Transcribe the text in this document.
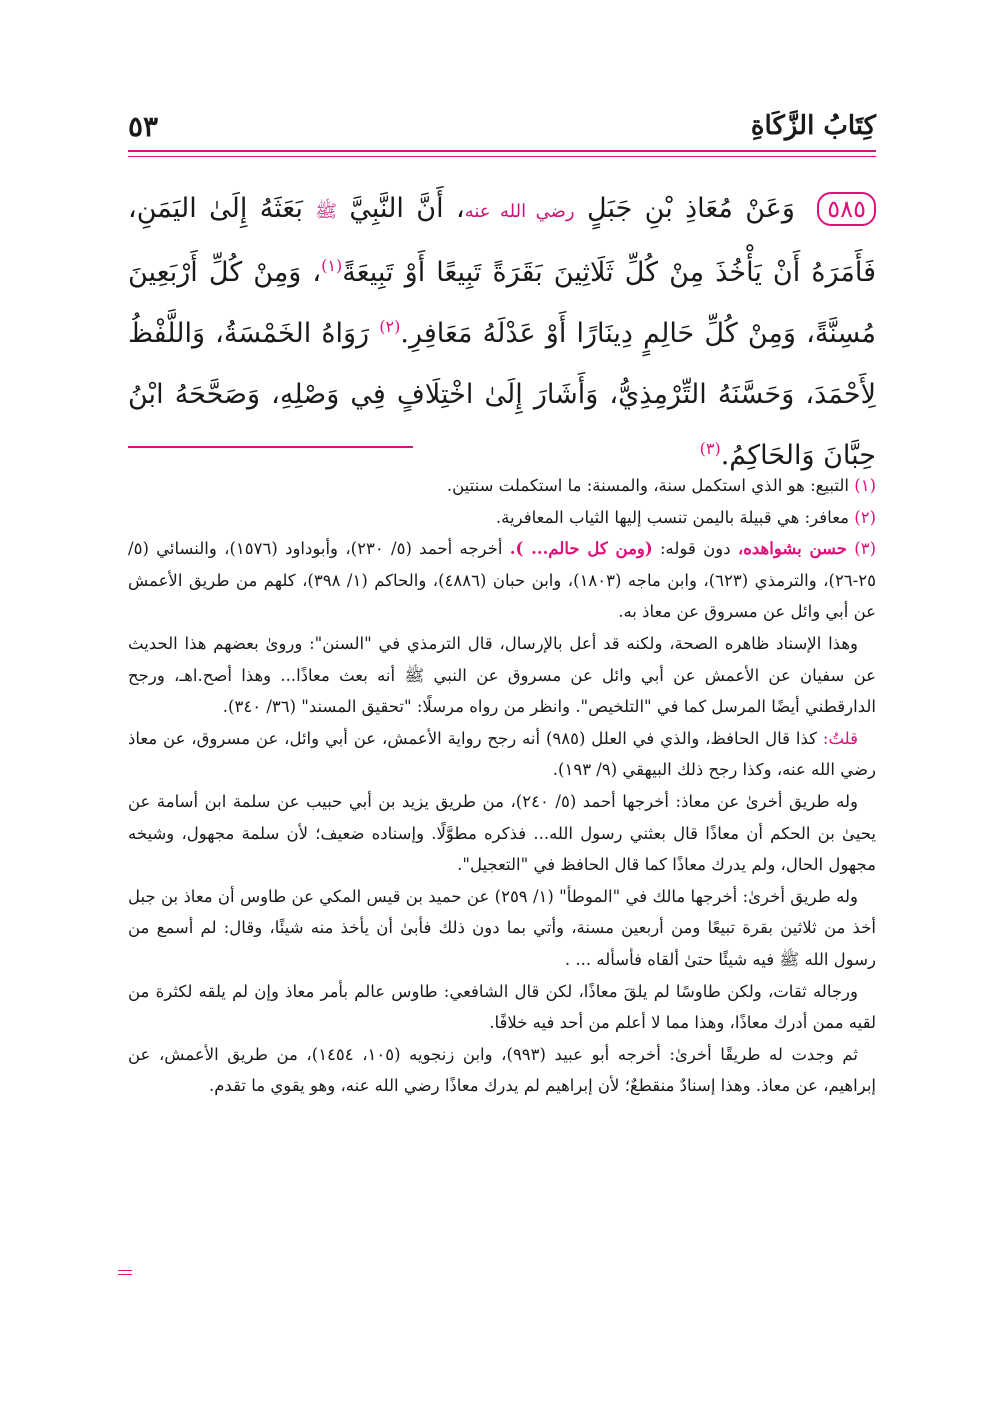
٥٣	كِتَابُ الزَّكَاةِ
٥٨٥ وَعَنْ مُعَاذِ بْنِ جَبَلٍ رضي الله عنه، أَنَّ النَّبِيَّ ﷺ بَعَثَهُ إِلَىٰ اليَمَنِ، فَأَمَرَهُ أَنْ يَأْخُذَ مِنْ كُلِّ ثَلَاثِينَ بَقَرَةً تَبِيعًا أَوْ تَبِيعَةً$^{(١)}$، وَمِنْ كُلِّ أَرْبَعِينَ مُسِنَّةً، وَمِنْ كُلِّ حَالِمٍ دِينَارًا أَوْ عَدْلَهُ مَعَافِرِ.$^{(٢)}$ رَوَاهُ الخَمْسَةُ، وَاللَّفْظُ لِأَحْمَدَ، وَحَسَّنَهُ التِّرْمِذِيُّ، وَأَشَارَ إِلَىٰ اخْتِلَافٍ فِي وَصْلِهِ، وَصَحَّحَهُ ابْنُ حِبَّانَ وَالحَاكِمُ.$^{(٣)}$

(١) التبيع: هو الذي استكمل سنة، والمسنة: ما استكملت سنتين.

(٢) معافر: هي قبيلة باليمن تنسب إليها الثياب المعافرية.

(٣) حسن بشواهده، دون قوله: (ومن كل حالم... ). أخرجه أحمد (٥/ ٢٣٠)، وأبوداود (١٥٧٦)، والنسائي (٥/ ٢٥-٢٦)، والترمذي (٦٢٣)، وابن ماجه (١٨٠٣)، وابن حبان (٤٨٨٦)، والحاكم (١/ ٣٩٨)، كلهم من طريق الأعمش عن أبي وائل عن مسروق عن معاذ به.

وهذا الإسناد ظاهره الصحة، ولكنه قد أعل بالإرسال، قال الترمذي في "السنن": وروىٰ بعضهم هذا الحديث عن سفيان عن الأعمش عن أبي وائل عن مسروق عن النبي ﷺ أنه بعث معاذًا... وهذا أصح.اهـ، ورجح الدارقطني أيضًا المرسل كما في "التلخيص". وانظر من رواه مرسلًا: "تحقيق المسند" (٣٦/ ٣٤٠).

قلتُ: كذا قال الحافظ، والذي في العلل (٩٨٥) أنه رجح رواية الأعمش، عن أبي وائل، عن مسروق، عن معاذ رضي الله عنه، وكذا رجح ذلك البيهقي (٩/ ١٩٣).

وله طريق أخرىٰ عن معاذ: أخرجها أحمد (٥/ ٢٤٠)، من طريق يزيد بن أبي حبيب عن سلمة ابن أسامة عن يحيىٰ بن الحكم أن معاذًا قال بعثني رسول الله... فذكره مطوَّلًا. وإسناده ضعيف؛ لأن سلمة مجهول، وشيخه مجهول الحال، ولم يدرك معاذًا كما قال الحافظ في "التعجيل".

وله طريق أخرىٰ: أخرجها مالك في "الموطأ" (١/ ٢٥٩) عن حميد بن قيس المكي عن طاوس أن معاذ بن جبل أخذ من ثلاثين بقرة تبيعًا ومن أربعين مسنة، وأتي بما دون ذلك فأبىٰ أن يأخذ منه شيئًا، وقال: لم أسمع من رسول الله ﷺ فيه شيئًا حتىٰ ألقاه فأسأله ... .

ورجاله ثقات، ولكن طاوسًا لم يلقَ معاذًا، لكن قال الشافعي: طاوس عالم بأمر معاذ وإن لم يلقه لكثرة من لقيه ممن أدرك معاذًا، وهذا مما لا أعلم من أحد فيه خلافًا.

ثم وجدت له طريقًا أخرىٰ: أخرجه أبو عبيد (٩٩٣)، وابن زنجويه (١٠٥، ١٤٥٤)، من طريق الأعمش، عن إبراهيم، عن معاذ. وهذا إسنادٌ منقطعٌ؛ لأن إبراهيم لم يدرك معاذًا رضي الله عنه، وهو يقوي ما تقدم.
